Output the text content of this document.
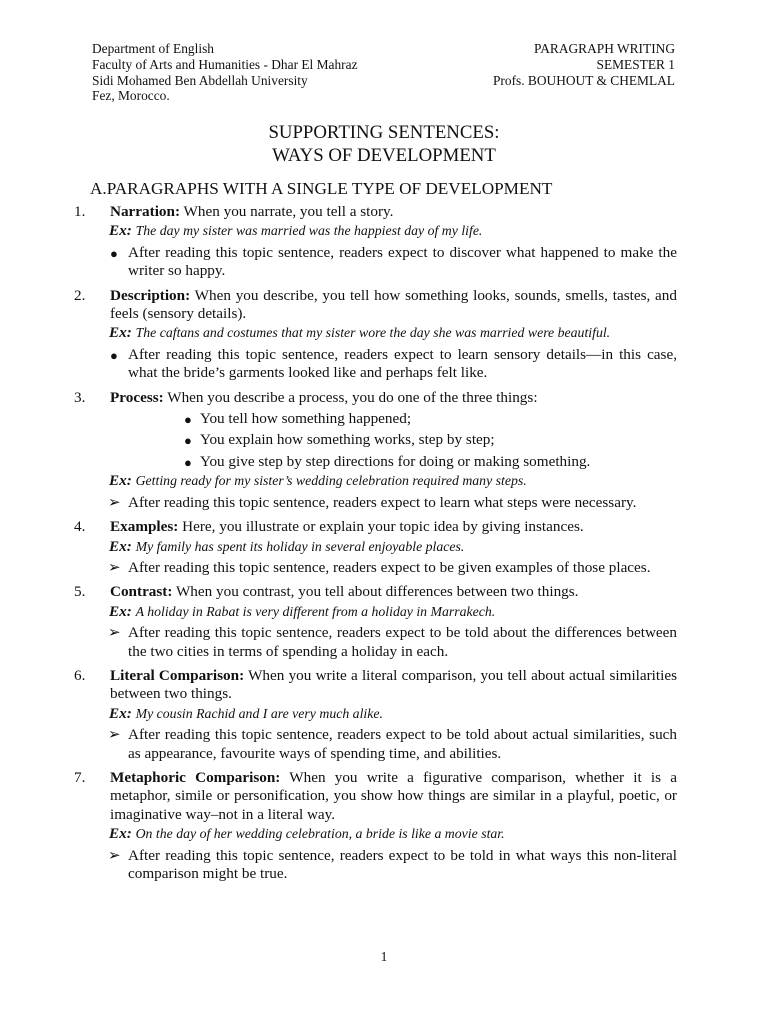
Department of English
Faculty of Arts and Humanities - Dhar El Mahraz
Sidi Mohamed Ben Abdellah University
Fez, Morocco.
PARAGRAPH WRITING
SEMESTER 1
Profs. BOUHOUT & CHEMLAL
SUPPORTING SENTENCES:
WAYS OF DEVELOPMENT
A.PARAGRAPHS WITH A SINGLE TYPE OF DEVELOPMENT
1. Narration: When you narrate, you tell a story.
Ex: The day my sister was married was the happiest day of my life.
● After reading this topic sentence, readers expect to discover what happened to make the writer so happy.
2. Description: When you describe, you tell how something looks, sounds, smells, tastes, and feels (sensory details).
Ex: The caftans and costumes that my sister wore the day she was married were beautiful.
● After reading this topic sentence, readers expect to learn sensory details—in this case, what the bride’s garments looked like and perhaps felt like.
3. Process: When you describe a process, you do one of the three things:
● You tell how something happened;
● You explain how something works, step by step;
● You give step by step directions for doing or making something.
Ex: Getting ready for my sister’s wedding celebration required many steps.
➢ After reading this topic sentence, readers expect to learn what steps were necessary.
4. Examples: Here, you illustrate or explain your topic idea by giving instances.
Ex: My family has spent its holiday in several enjoyable places.
➢ After reading this topic sentence, readers expect to be given examples of those places.
5. Contrast: When you contrast, you tell about differences between two things.
Ex: A holiday in Rabat is very different from a holiday in Marrakech.
➢ After reading this topic sentence, readers expect to be told about the differences between the two cities in terms of spending a holiday in each.
6. Literal Comparison: When you write a literal comparison, you tell about actual similarities between two things.
Ex: My cousin Rachid and I are very much alike.
➢ After reading this topic sentence, readers expect to be told about actual similarities, such as appearance, favourite ways of spending time, and abilities.
7. Metaphoric Comparison: When you write a figurative comparison, whether it is a metaphor, simile or personification, you show how things are similar in a playful, poetic, or imaginative way–not in a literal way.
Ex: On the day of her wedding celebration, a bride is like a movie star.
➢ After reading this topic sentence, readers expect to be told in what ways this non-literal comparison might be true.
1
